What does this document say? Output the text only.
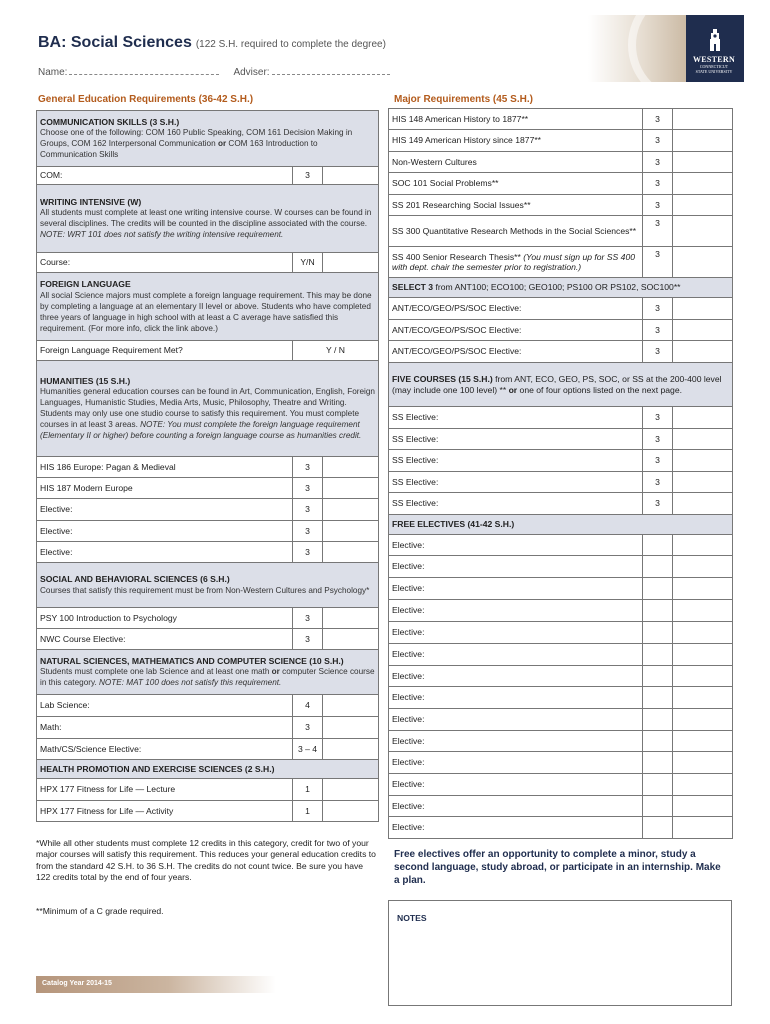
BA: Social Sciences (122 S.H. required to complete the degree)
Name:	Adviser:
WESTERN
CONNECTICUT
STATE UNIVERSITY
General Education Requirements (36-42 S.H.)
COMMUNICATION SKILLS (3 S.H.)
Choose one of the following: COM 160 Public Speaking, COM 161 Decision Making in Groups, COM 162 Interpersonal Communication or COM 163 Introduction to Communication Skills		
COM:	3	

WRITING INTENSIVE (W)
All students must complete at least one writing intensive course. W courses can be found in several disciplines. The credits will be counted in the discipline associated with the course. NOTE: WRT 101 does not satisfy the writing intensive requirement.		
Course:	Y/N	

FOREIGN LANGUAGE
All social Science majors must complete a foreign language requirement. This may be done by completing a language at an elementary II level or above. Students who have completed three years of language in high school with at least a C average have satisfied this requirement. (For more info, click the link above.)		
Foreign Language Requirement Met?	Y / N	

HUMANITIES (15 S.H.)
Humanities general education courses can be found in Art, Communication, English, Foreign Languages, Humanistic Studies, Media Arts, Music, Philosophy, Theatre and Writing. Students may only use one studio course to satisfy this requirement. You must complete courses in at least 3 areas. NOTE: You must complete the foreign language requirement (Elementary II or higher) before counting a foreign language course as humanities credit.		
HIS 186 Europe: Pagan & Medieval	3	
HIS 187 Modern Europe	3	
Elective:	3	
Elective:	3	
Elective:	3	

SOCIAL AND BEHAVIORAL SCIENCES (6 S.H.)
Courses that satisfy this requirement must be from Non-Western Cultures and Psychology*		
PSY 100 Introduction to Psychology	3	
NWC Course Elective:	3	

NATURAL SCIENCES, MATHEMATICS AND COMPUTER SCIENCE (10 S.H.)
Students must complete one lab Science and at least one math or computer Science course in this category. NOTE: MAT 100 does not satisfy this requirement.		
Lab Science:	4	
Math:	3	
Math/CS/Science Elective:	3 – 4	
HEALTH PROMOTION AND EXERCISE SCIENCES (2 S.H.)		
HPX 177 Fitness for Life — Lecture	1	
HPX 177 Fitness for Life — Activity	1	
*While all other students must complete 12 credits in this category, credit for two of your major courses will satisfy this requirement. This reduces your general education credits to from the standard 42 S.H. to 36 S.H. The credits do not count twice. Be sure you have 122 credits total by the end of four years.
**Minimum of a C grade required.
Major Requirements (45 S.H.)
HIS 148 American History to 1877**	3	
HIS 149 American History since 1877**	3	
Non-Western Cultures	3	
SOC 101 Social Problems**	3	
SS 201 Researching Social Issues**	3	
SS 300 Quantitative Research Methods in the Social Sciences**	3	
SS 400 Senior Research Thesis** (You must sign up for SS 400 with dept. chair the semester prior to registration.)	3	
SELECT 3 from ANT100; ECO100; GEO100; PS100 OR PS102, SOC100**		
ANT/ECO/GEO/PS/SOC Elective:	3	
ANT/ECO/GEO/PS/SOC Elective:	3	
ANT/ECO/GEO/PS/SOC Elective:	3	
FIVE COURSES (15 S.H.) from ANT, ECO, GEO, PS, SOC, or SS at the 200-400 level (may include one 100 level) ** or one of four options listed on the next page.		
SS Elective:	3	
SS Elective:	3	
SS Elective:	3	
SS Elective:	3	
SS Elective:	3	
FREE ELECTIVES (41-42 S.H.)		
Elective:		
Elective:		
Elective:		
Elective:		
Elective:		
Elective:		
Elective:		
Elective:		
Elective:		
Elective:		
Elective:		
Elective:		
Elective:		
Elective:		
Free electives offer an opportunity to complete a minor, study a second language, study abroad, or participate in an internship. Make a plan.
NOTES
Catalog Year 2014-15
